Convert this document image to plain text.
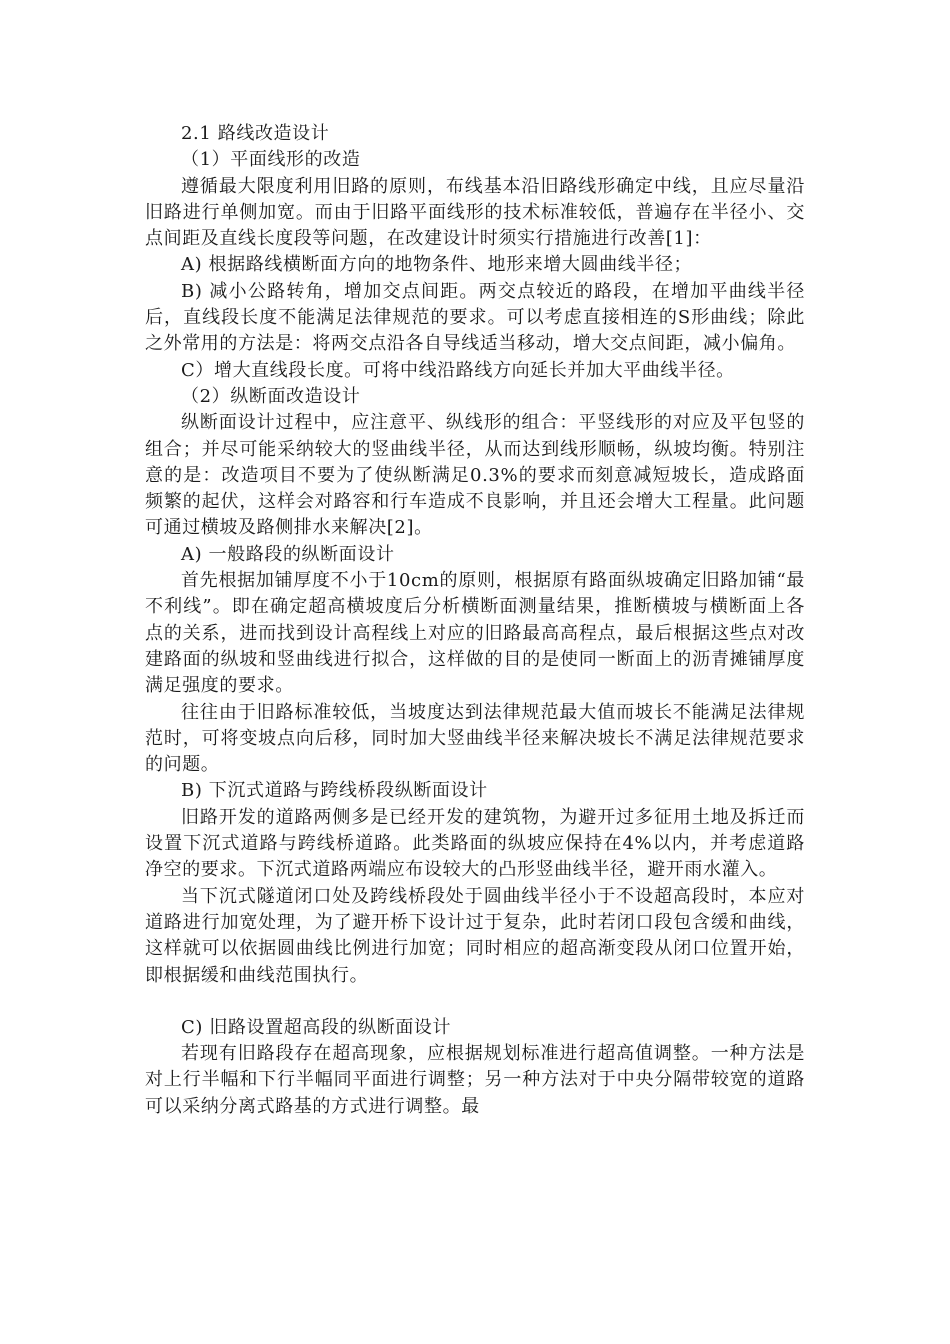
2.1 路线改造设计

（1）平面线形的改造

遵循最大限度利用旧路的原则，布线基本沿旧路线形确定中线，且应尽量沿旧路进行单侧加宽。而由于旧路平面线形的技术标准较低，普遍存在半径小、交点间距及直线长度段等问题，在改建设计时须实行措施进行改善[1]：

A) 根据路线横断面方向的地物条件、地形来增大圆曲线半径；

B) 减小公路转角，增加交点间距。两交点较近的路段，在增加平曲线半径后，直线段长度不能满足法律规范的要求。可以考虑直接相连的S形曲线；除此之外常用的方法是：将两交点沿各自导线适当移动，增大交点间距，减小偏角。

C）增大直线段长度。可将中线沿路线方向延长并加大平曲线半径。

（2）纵断面改造设计

纵断面设计过程中，应注意平、纵线形的组合：平竖线形的对应及平包竖的组合；并尽可能采纳较大的竖曲线半径，从而达到线形顺畅，纵坡均衡。特别注意的是：改造项目不要为了使纵断满足0.3%的要求而刻意减短坡长，造成路面频繁的起伏，这样会对路容和行车造成不良影响，并且还会增大工程量。此问题可通过横坡及路侧排水来解决[2]。

A) 一般路段的纵断面设计

首先根据加铺厚度不小于10cm的原则，根据原有路面纵坡确定旧路加铺“最不利线”。即在确定超高横坡度后分析横断面测量结果，推断横坡与横断面上各点的关系，进而找到设计高程线上对应的旧路最高高程点，最后根据这些点对改建路面的纵坡和竖曲线进行拟合，这样做的目的是使同一断面上的沥青摊铺厚度满足强度的要求。

往往由于旧路标准较低，当坡度达到法律规范最大值而坡长不能满足法律规范时，可将变坡点向后移，同时加大竖曲线半径来解决坡长不满足法律规范要求的问题。

B) 下沉式道路与跨线桥段纵断面设计

旧路开发的道路两侧多是已经开发的建筑物，为避开过多征用土地及拆迁而设置下沉式道路与跨线桥道路。此类路面的纵坡应保持在4%以内，并考虑道路净空的要求。下沉式道路两端应布设较大的凸形竖曲线半径，避开雨水灌入。

当下沉式隧道闭口处及跨线桥段处于圆曲线半径小于不设超高段时，本应对道路进行加宽处理，为了避开桥下设计过于复杂，此时若闭口段包含缓和曲线，这样就可以依据圆曲线比例进行加宽；同时相应的超高渐变段从闭口位置开始，即根据缓和曲线范围执行。

C) 旧路设置超高段的纵断面设计

若现有旧路段存在超高现象，应根据规划标准进行超高值调整。一种方法是对上行半幅和下行半幅同平面进行调整；另一种方法对于中央分隔带较宽的道路可以采纳分离式路基的方式进行调整。最
